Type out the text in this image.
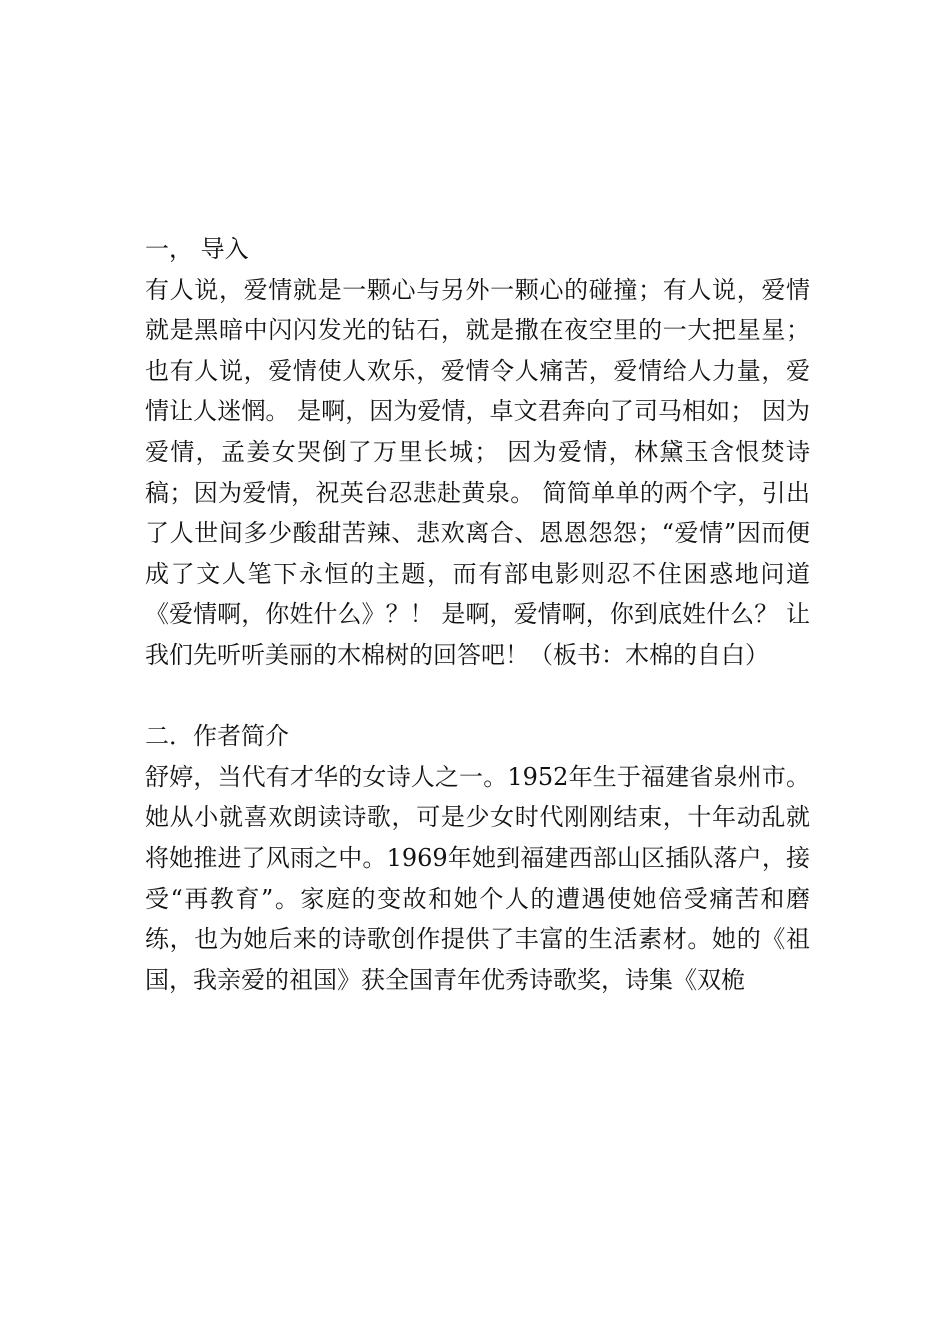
一， 导入

有人说，爱情就是一颗心与另外一颗心的碰撞；有人说，爱情就是黑暗中闪闪发光的钻石，就是撒在夜空里的一大把星星；也有人说，爱情使人欢乐，爱情令人痛苦，爱情给人力量，爱情让人迷惘。 是啊，因为爱情，卓文君奔向了司马相如； 因为爱情，孟姜女哭倒了万里长城； 因为爱情，林黛玉含恨焚诗稿；因为爱情，祝英台忍悲赴黄泉。 简简单单的两个字，引出了人世间多少酸甜苦辣、悲欢离合、恩恩怨怨；“爱情”因而便成了文人笔下永恒的主题，而有部电影则忍不住困惑地问道《爱情啊，你姓什么》？！ 是啊，爱情啊，你到底姓什么？ 让我们先听听美丽的木棉树的回答吧！（板书：木棉的自白）

二．作者简介

舒婷，当代有才华的女诗人之一。1952年生于福建省泉州市。她从小就喜欢朗读诗歌，可是少女时代刚刚结束，十年动乱就将她推进了风雨之中。1969年她到福建西部山区插队落户，接受“再教育”。家庭的变故和她个人的遭遇使她倍受痛苦和磨练，也为她后来的诗歌创作提供了丰富的生活素材。她的《祖国，我亲爱的祖国》获全国青年优秀诗歌奖，诗集《双桅
